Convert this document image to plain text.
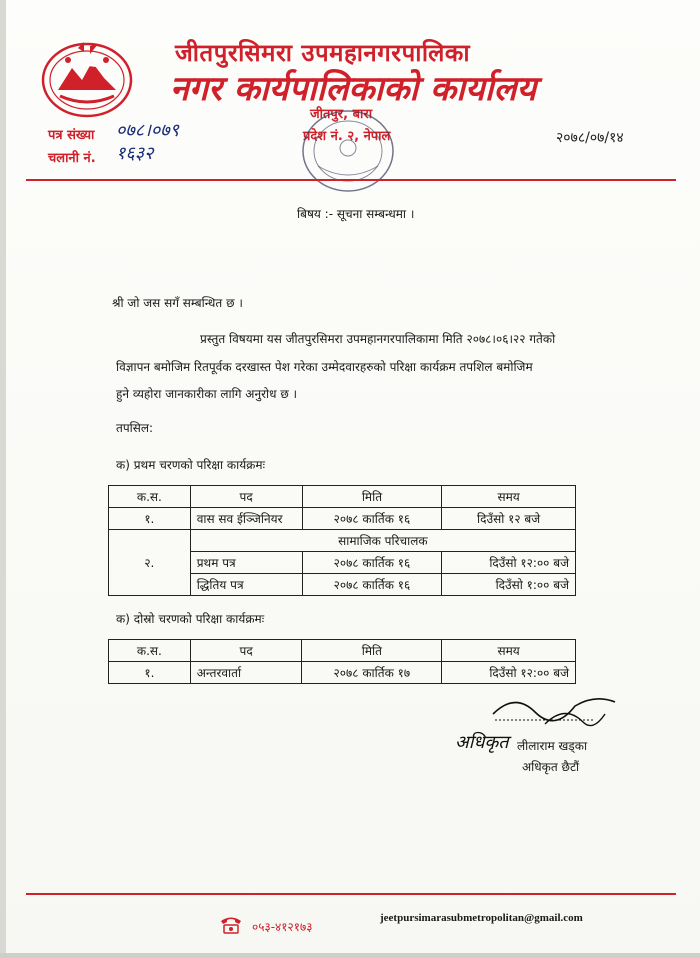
जीतपुरसिमरा उपमहानगरपालिका
नगर कार्यपालिकाको कार्यालय
जीतपुर, बारा
प्रदेश नं. २, नेपाल
पत्र संख्या ०७८।०७९
चलानी नं. १६३२
२०७८/०७/१४
बिषय :- सूचना सम्बन्धमा ।
श्री जो जस सगँ सम्बन्धित छ ।
प्रस्तुत विषयमा यस जीतपुरसिमरा उपमहानगरपालिकामा मिति २०७८।०६।२२ गतेको
विज्ञापन बमोजिम रितपूर्वक दरखास्त पेश गरेका उम्मेदवारहरुको परिक्षा कार्यक्रम तपशिल बमोजिम
हुने व्यहोरा जानकारीका लागि अनुरोध छ ।
तपसिल:
क) प्रथम चरणको परिक्षा कार्यक्रमः
क.स.	पद	मिति	समय
१.	वास सव ईञ्जिनियर	२०७८ कार्तिक १६	दिउँसो १२ बजे
२.	सामाजिक परिचालक		
	प्रथम पत्र	२०७८ कार्तिक १६	दिउँसो १२:०० बजे
	द्धितिय पत्र	२०७८ कार्तिक १६	दिउँसो १:०० बजे
क) दोस्रो चरणको परिक्षा कार्यक्रमः
क.स.	पद	मिति	समय
१.	अन्तरवार्ता	२०७८ कार्तिक १७	दिउँसो १२:०० बजे
अधिकृत लीलाराम खड्का
अधिकृत छैटौं
०५३-४१२१७३
jeetpursimarasubmetropolitan@gmail.com
